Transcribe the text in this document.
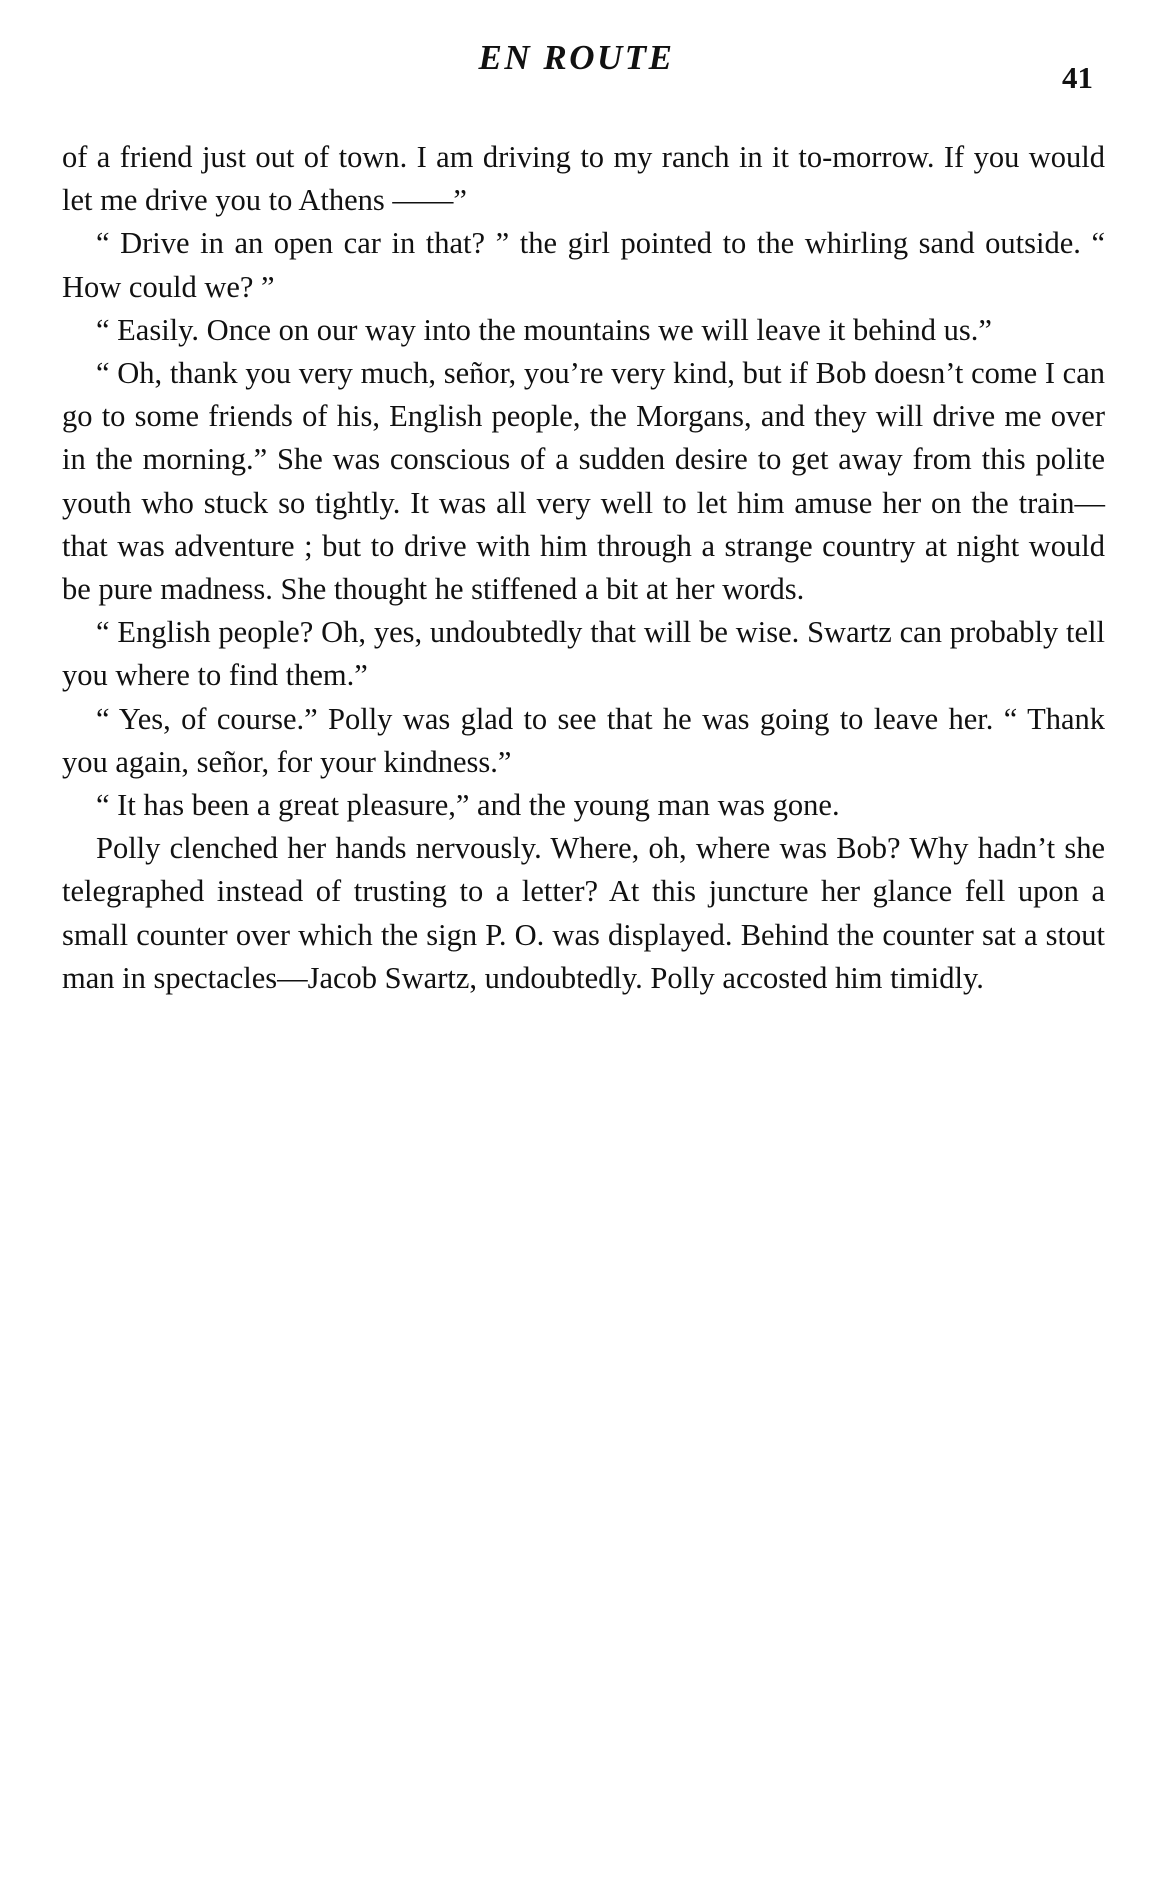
EN ROUTE
41

of a friend just out of town. I am driving to my ranch in it to-morrow. If you would let me drive you to Athens ——”

“ Drive in an open car in that? ” the girl pointed to the whirling sand outside. “ How could we? ”

“ Easily. Once on our way into the mountains we will leave it behind us.”

“ Oh, thank you very much, señor, you’re very kind, but if Bob doesn’t come I can go to some friends of his, English people, the Morgans, and they will drive me over in the morning.” She was conscious of a sudden desire to get away from this polite youth who stuck so tightly. It was all very well to let him amuse her on the train—that was adventure ; but to drive with him through a strange country at night would be pure madness. She thought he stiffened a bit at her words.

“ English people? Oh, yes, undoubtedly that will be wise. Swartz can probably tell you where to find them.”

“ Yes, of course.” Polly was glad to see that he was going to leave her. “ Thank you again, señor, for your kindness.”

“ It has been a great pleasure,” and the young man was gone.

Polly clenched her hands nervously. Where, oh, where was Bob? Why hadn’t she telegraphed instead of trusting to a letter? At this juncture her glance fell upon a small counter over which the sign P. O. was displayed. Behind the counter sat a stout man in spectacles—Jacob Swartz, undoubtedly. Polly accosted him timidly.
